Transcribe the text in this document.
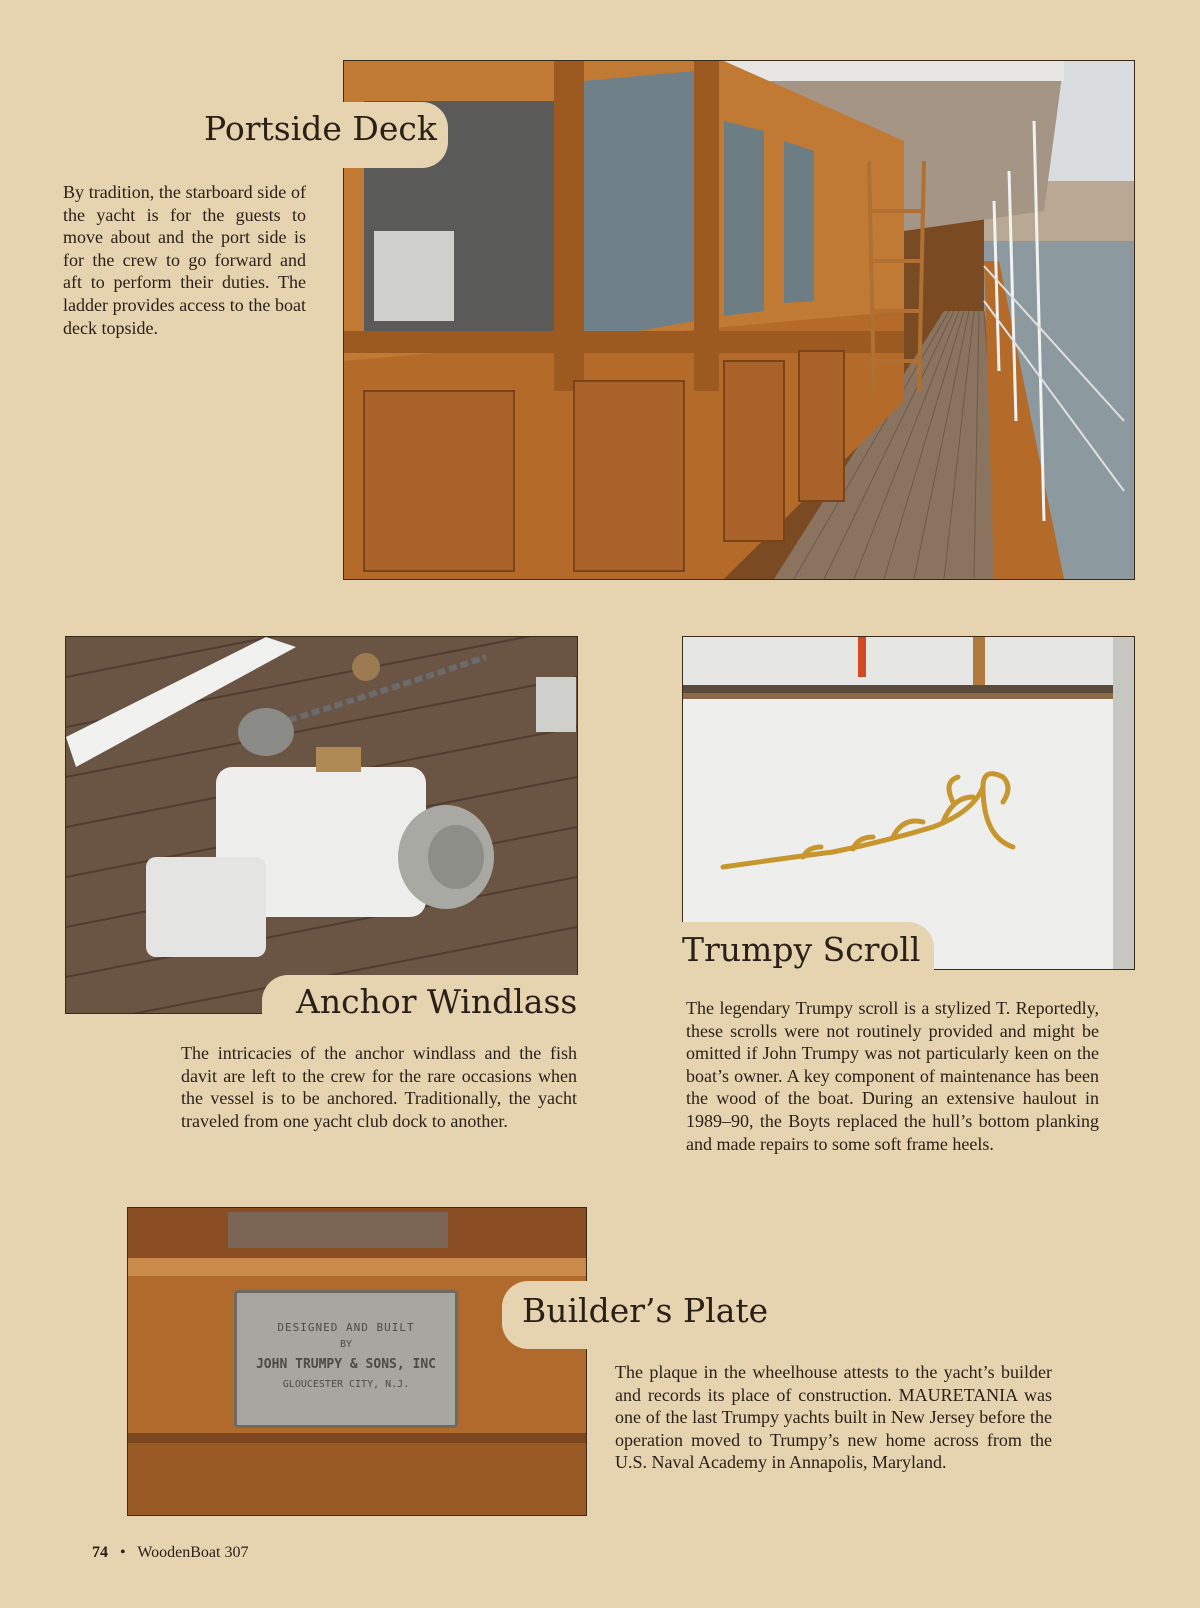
Portside Deck

By tradition, the starboard side of the yacht is for the guests to move about and the port side is for the crew to go forward and aft to perform their duties. The ladder provides access to the boat deck topside.

Anchor Windlass

The intricacies of the anchor windlass and the fish davit are left to the crew for the rare occasions when the vessel is to be anchored. Traditionally, the yacht traveled from one yacht club dock to another.

Trumpy Scroll

The legendary Trumpy scroll is a stylized T. Reportedly, these scrolls were not routinely provided and might be omitted if John Trumpy was not particularly keen on the boat’s owner. A key component of maintenance has been the wood of the boat. During an extensive haulout in 1989–90, the Boyts replaced the hull’s bottom planking and made repairs to some soft frame heels.

DESIGNED AND BUILT
BY
JOHN TRUMPY & SONS, INC
GLOUCESTER CITY, N.J.
Builder’s Plate

The plaque in the wheelhouse attests to the yacht’s builder and records its place of construction. MAURETANIA was one of the last Trumpy yachts built in New Jersey before the operation moved to Trumpy’s new home across from the U.S. Naval Academy in Annapolis, Maryland.

74 • WoodenBoat 307
